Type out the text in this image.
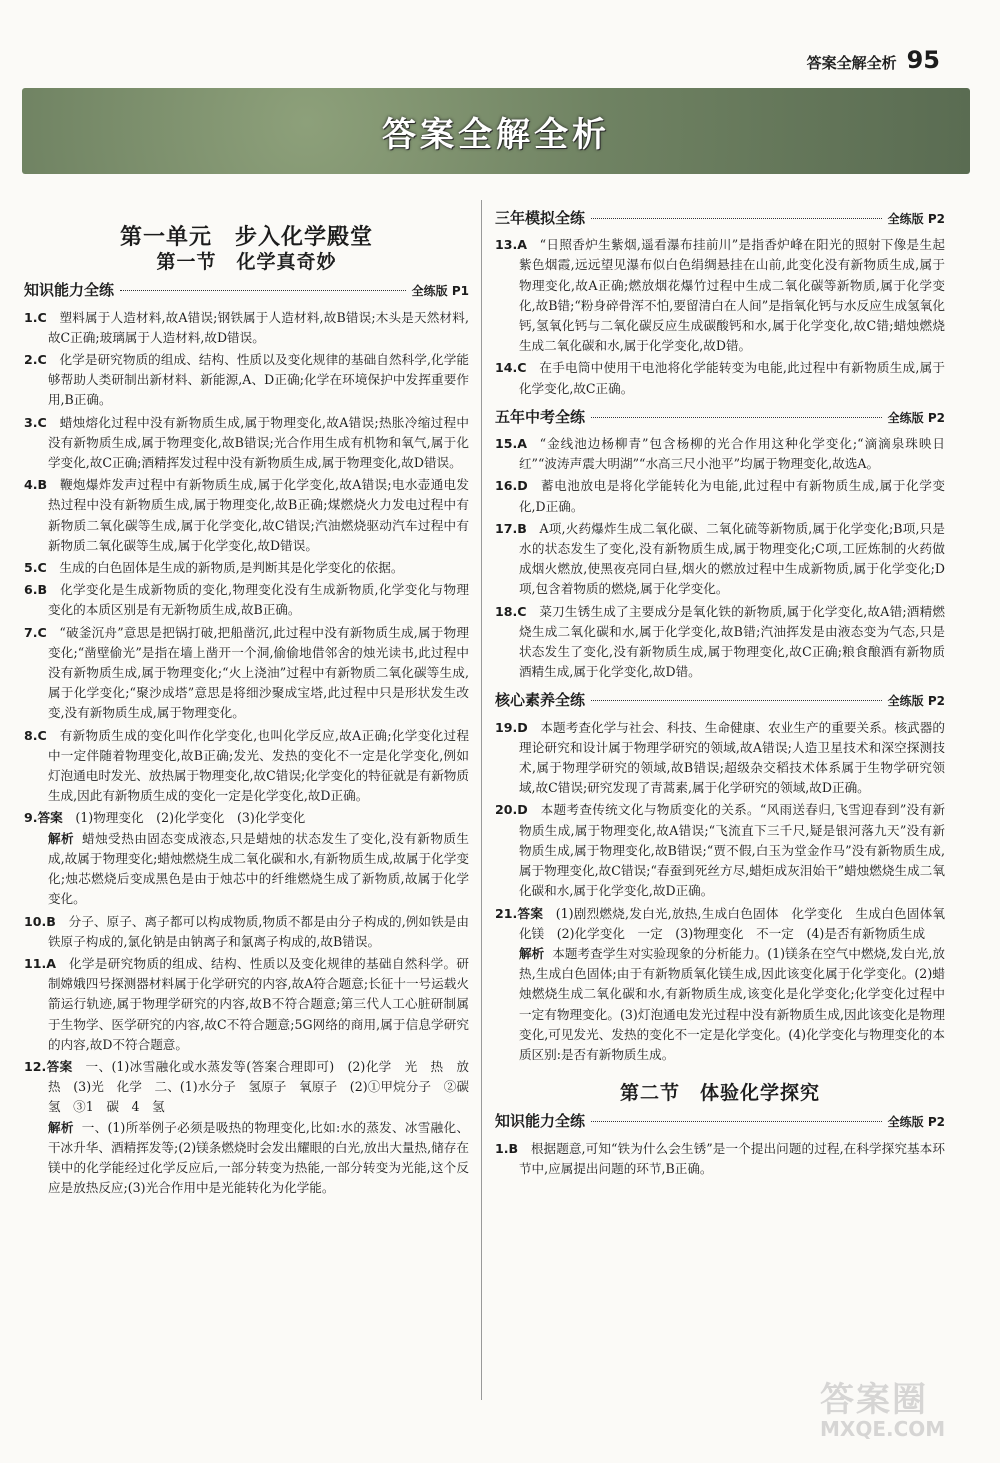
答案全解全析 95
答案全解全析
第一单元　步入化学殿堂
第一节　化学真奇妙
知识能力全练	全练版 P1
1.C  塑料属于人造材料,故A错误;钢铁属于人造材料,故B错误;木头是天然材料,故C正确;玻璃属于人造材料,故D错误。
2.C  化学是研究物质的组成、结构、性质以及变化规律的基础自然科学,化学能够帮助人类研制出新材料、新能源,A、D正确;化学在环境保护中发挥重要作用,B正确。
3.C  蜡烛熔化过程中没有新物质生成,属于物理变化,故A错误;热胀冷缩过程中没有新物质生成,属于物理变化,故B错误;光合作用生成有机物和氧气,属于化学变化,故C正确;酒精挥发过程中没有新物质生成,属于物理变化,故D错误。
4.B  鞭炮爆炸发声过程中有新物质生成,属于化学变化,故A错误;电水壶通电发热过程中没有新物质生成,属于物理变化,故B正确;煤燃烧火力发电过程中有新物质二氧化碳等生成,属于化学变化,故C错误;汽油燃烧驱动汽车过程中有新物质二氧化碳等生成,属于化学变化,故D错误。
5.C  生成的白色固体是生成的新物质,是判断其是化学变化的依据。
6.B  化学变化是生成新物质的变化,物理变化没有生成新物质,化学变化与物理变化的本质区别是有无新物质生成,故B正确。
7.C  “破釜沉舟”意思是把锅打破,把船凿沉,此过程中没有新物质生成,属于物理变化;“凿壁偷光”是指在墙上凿开一个洞,偷偷地借邻舍的烛光读书,此过程中没有新物质生成,属于物理变化;“火上浇油”过程中有新物质二氧化碳等生成,属于化学变化;“聚沙成塔”意思是将细沙聚成宝塔,此过程中只是形状发生改变,没有新物质生成,属于物理变化。
8.C  有新物质生成的变化叫作化学变化,也叫化学反应,故A正确;化学变化过程中一定伴随着物理变化,故B正确;发光、发热的变化不一定是化学变化,例如灯泡通电时发光、放热属于物理变化,故C错误;化学变化的特征就是有新物质生成,因此有新物质生成的变化一定是化学变化,故D正确。
9.答案  (1)物理变化　(2)化学变化　(3)化学变化
解析 蜡烛受热由固态变成液态,只是蜡烛的状态发生了变化,没有新物质生成,故属于物理变化;蜡烛燃烧生成二氧化碳和水,有新物质生成,故属于化学变化;烛芯燃烧后变成黑色是由于烛芯中的纤维燃烧生成了新物质,故属于化学变化。
10.B  分子、原子、离子都可以构成物质,物质不都是由分子构成的,例如铁是由铁原子构成的,氯化钠是由钠离子和氯离子构成的,故B错误。
11.A  化学是研究物质的组成、结构、性质以及变化规律的基础自然科学。研制嫦娥四号探测器材料属于化学研究的内容,故A符合题意;长征十一号运载火箭运行轨迹,属于物理学研究的内容,故B不符合题意;第三代人工心脏研制属于生物学、医学研究的内容,故C不符合题意;5G网络的商用,属于信息学研究的内容,故D不符合题意。
12.答案  一、(1)冰雪融化或水蒸发等(答案合理即可)　(2)化学　光　热　放热　(3)光　化学　二、(1)水分子　氢原子　氧原子　(2)①甲烷分子　②碳　氢　③1　碳　4　氢
解析 一、(1)所举例子必须是吸热的物理变化,比如:水的蒸发、冰雪融化、干冰升华、酒精挥发等;(2)镁条燃烧时会发出耀眼的白光,放出大量热,储存在镁中的化学能经过化学反应后,一部分转变为热能,一部分转变为光能,这个反应是放热反应;(3)光合作用中是光能转化为化学能。
三年模拟全练	全练版 P2
13.A  “日照香炉生紫烟,遥看瀑布挂前川”是指香炉峰在阳光的照射下像是生起紫色烟霞,远远望见瀑布似白色绢绸悬挂在山前,此变化没有新物质生成,属于物理变化,故A正确;燃放烟花爆竹过程中生成二氧化碳等新物质,属于化学变化,故B错;“粉身碎骨浑不怕,要留清白在人间”是指氧化钙与水反应生成氢氧化钙,氢氧化钙与二氧化碳反应生成碳酸钙和水,属于化学变化,故C错;蜡烛燃烧生成二氧化碳和水,属于化学变化,故D错。
14.C  在手电筒中使用干电池将化学能转变为电能,此过程中有新物质生成,属于化学变化,故C正确。
五年中考全练	全练版 P2
15.A  “金线池边杨柳青”包含杨柳的光合作用这种化学变化;“滴滴泉珠映日红”“波涛声震大明湖”“水高三尺小池平”均属于物理变化,故选A。
16.D  蓄电池放电是将化学能转化为电能,此过程中有新物质生成,属于化学变化,D正确。
17.B  A项,火药爆炸生成二氧化碳、二氧化硫等新物质,属于化学变化;B项,只是水的状态发生了变化,没有新物质生成,属于物理变化;C项,工匠炼制的火药做成烟火燃放,使黑夜亮同白昼,烟火的燃放过程中生成新物质,属于化学变化;D项,包含着物质的燃烧,属于化学变化。
18.C  菜刀生锈生成了主要成分是氧化铁的新物质,属于化学变化,故A错;酒精燃烧生成二氧化碳和水,属于化学变化,故B错;汽油挥发是由液态变为气态,只是状态发生了变化,没有新物质生成,属于物理变化,故C正确;粮食酿酒有新物质酒精生成,属于化学变化,故D错。
核心素养全练	全练版 P2
19.D  本题考查化学与社会、科技、生命健康、农业生产的重要关系。核武器的理论研究和设计属于物理学研究的领域,故A错误;人造卫星技术和深空探测技术,属于物理学研究的领域,故B错误;超级杂交稻技术体系属于生物学研究领域,故C错误;研究发现了青蒿素,属于化学研究的领域,故D正确。
20.D  本题考查传统文化与物质变化的关系。“风雨送春归,飞雪迎春到”没有新物质生成,属于物理变化,故A错误;“飞流直下三千尺,疑是银河落九天”没有新物质生成,属于物理变化,故B错误;“贾不假,白玉为堂金作马”没有新物质生成,属于物理变化,故C错误;“春蚕到死丝方尽,蜡炬成灰泪始干”蜡烛燃烧生成二氧化碳和水,属于化学变化,故D正确。
21.答案  (1)剧烈燃烧,发白光,放热,生成白色固体　化学变化　生成白色固体氧化镁　(2)化学变化　一定　(3)物理变化　不一定　(4)是否有新物质生成
解析 本题考查学生对实验现象的分析能力。(1)镁条在空气中燃烧,发白光,放热,生成白色固体;由于有新物质氧化镁生成,因此该变化属于化学变化。(2)蜡烛燃烧生成二氧化碳和水,有新物质生成,该变化是化学变化;化学变化过程中一定有物理变化。(3)灯泡通电发光过程中没有新物质生成,因此该变化是物理变化,可见发光、发热的变化不一定是化学变化。(4)化学变化与物理变化的本质区别:是否有新物质生成。
第二节　体验化学探究
知识能力全练	全练版 P2
1.B  根据题意,可知“铁为什么会生锈”是一个提出问题的过程,在科学探究基本环节中,应属提出问题的环节,B正确。
答案圈
MXQE.COM
